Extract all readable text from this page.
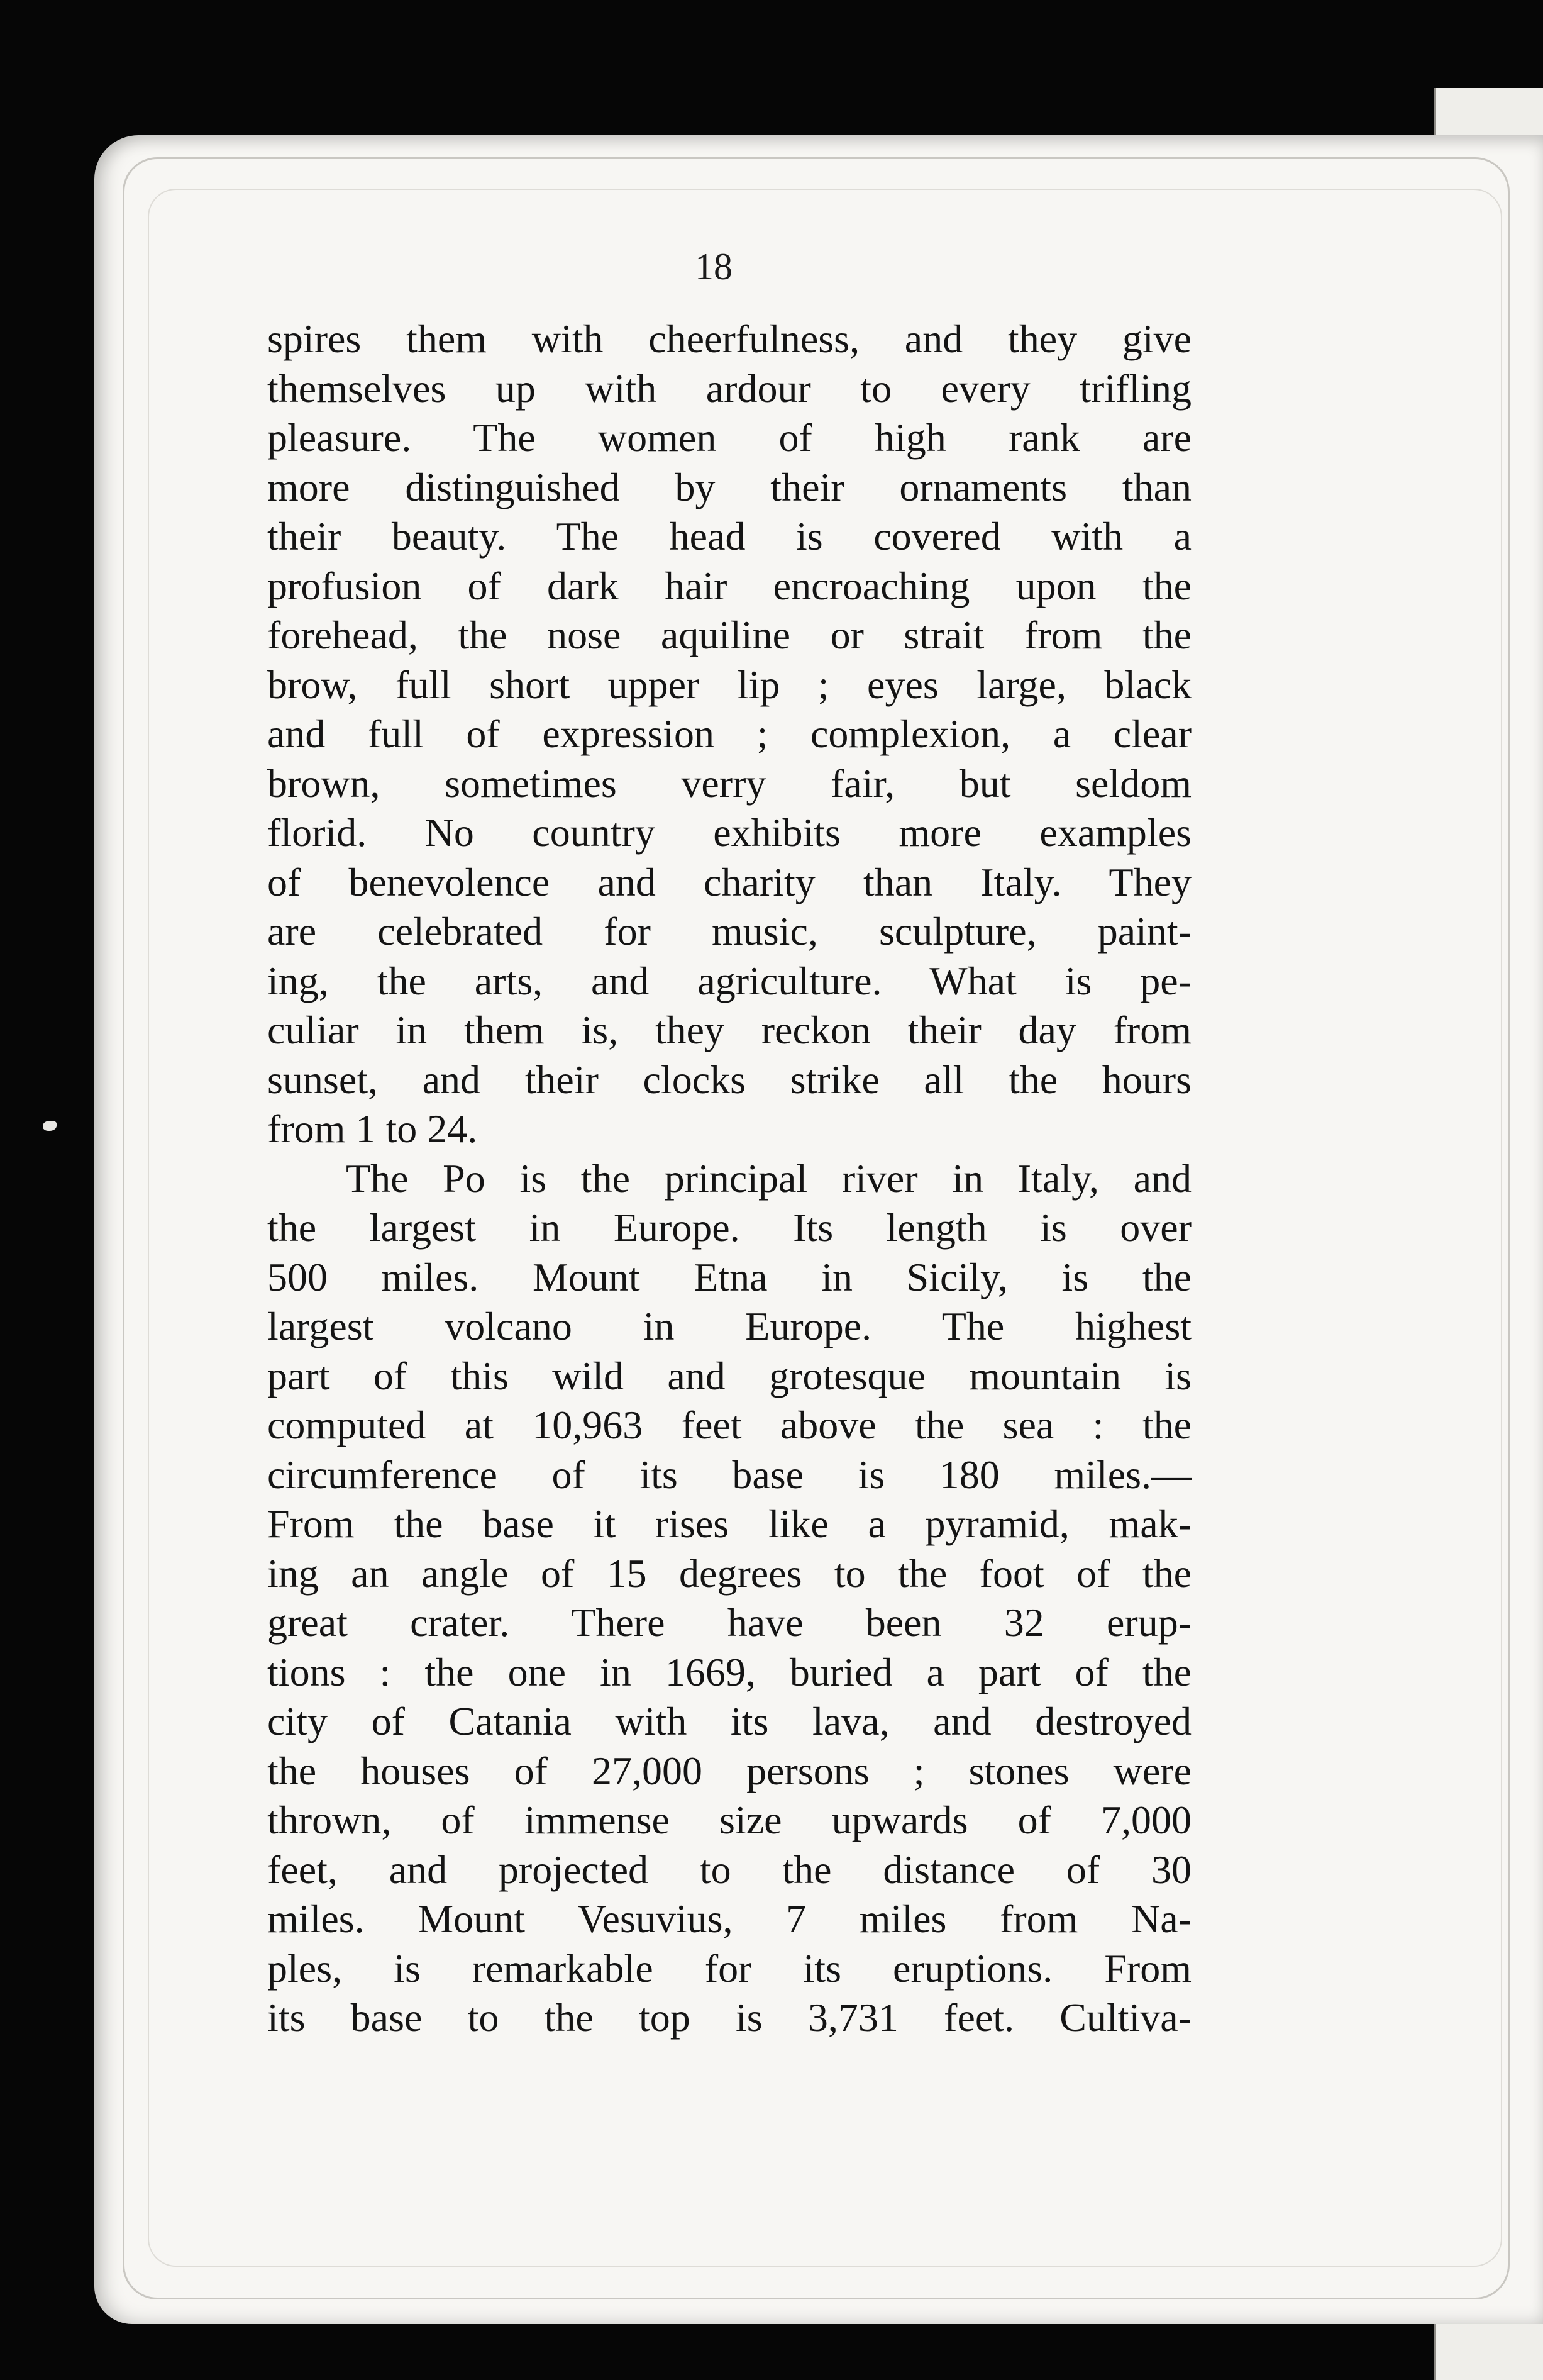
18
spires them with cheerfulness, and they give
themselves up with ardour to every trifling
pleasure. The women of high rank are
more distinguished by their ornaments than
their beauty. The head is covered with a
profusion of dark hair encroaching upon the
forehead, the nose aquiline or strait from the
brow, full short upper lip ; eyes large, black
and full of expression ; complexion, a clear
brown, sometimes verry fair, but seldom
florid. No country exhibits more examples
of benevolence and charity than Italy. They
are celebrated for music, sculpture, paint-
ing, the arts, and agriculture. What is pe-
culiar in them is, they reckon their day from
sunset, and their clocks strike all the hours
from 1 to 24.
The Po is the principal river in Italy, and
the largest in Europe. Its length is over
500 miles. Mount Etna in Sicily, is the
largest volcano in Europe. The highest
part of this wild and grotesque mountain is
computed at 10,963 feet above the sea : the
circumference of its base is 180 miles.—
From the base it rises like a pyramid, mak-
ing an angle of 15 degrees to the foot of the
great crater. There have been 32 erup-
tions : the one in 1669, buried a part of the
city of Catania with its lava, and destroyed
the houses of 27,000 persons ; stones were
thrown, of immense size upwards of 7,000
feet, and projected to the distance of 30
miles. Mount Vesuvius, 7 miles from Na-
ples, is remarkable for its eruptions. From
its base to the top is 3,731 feet. Cultiva-
